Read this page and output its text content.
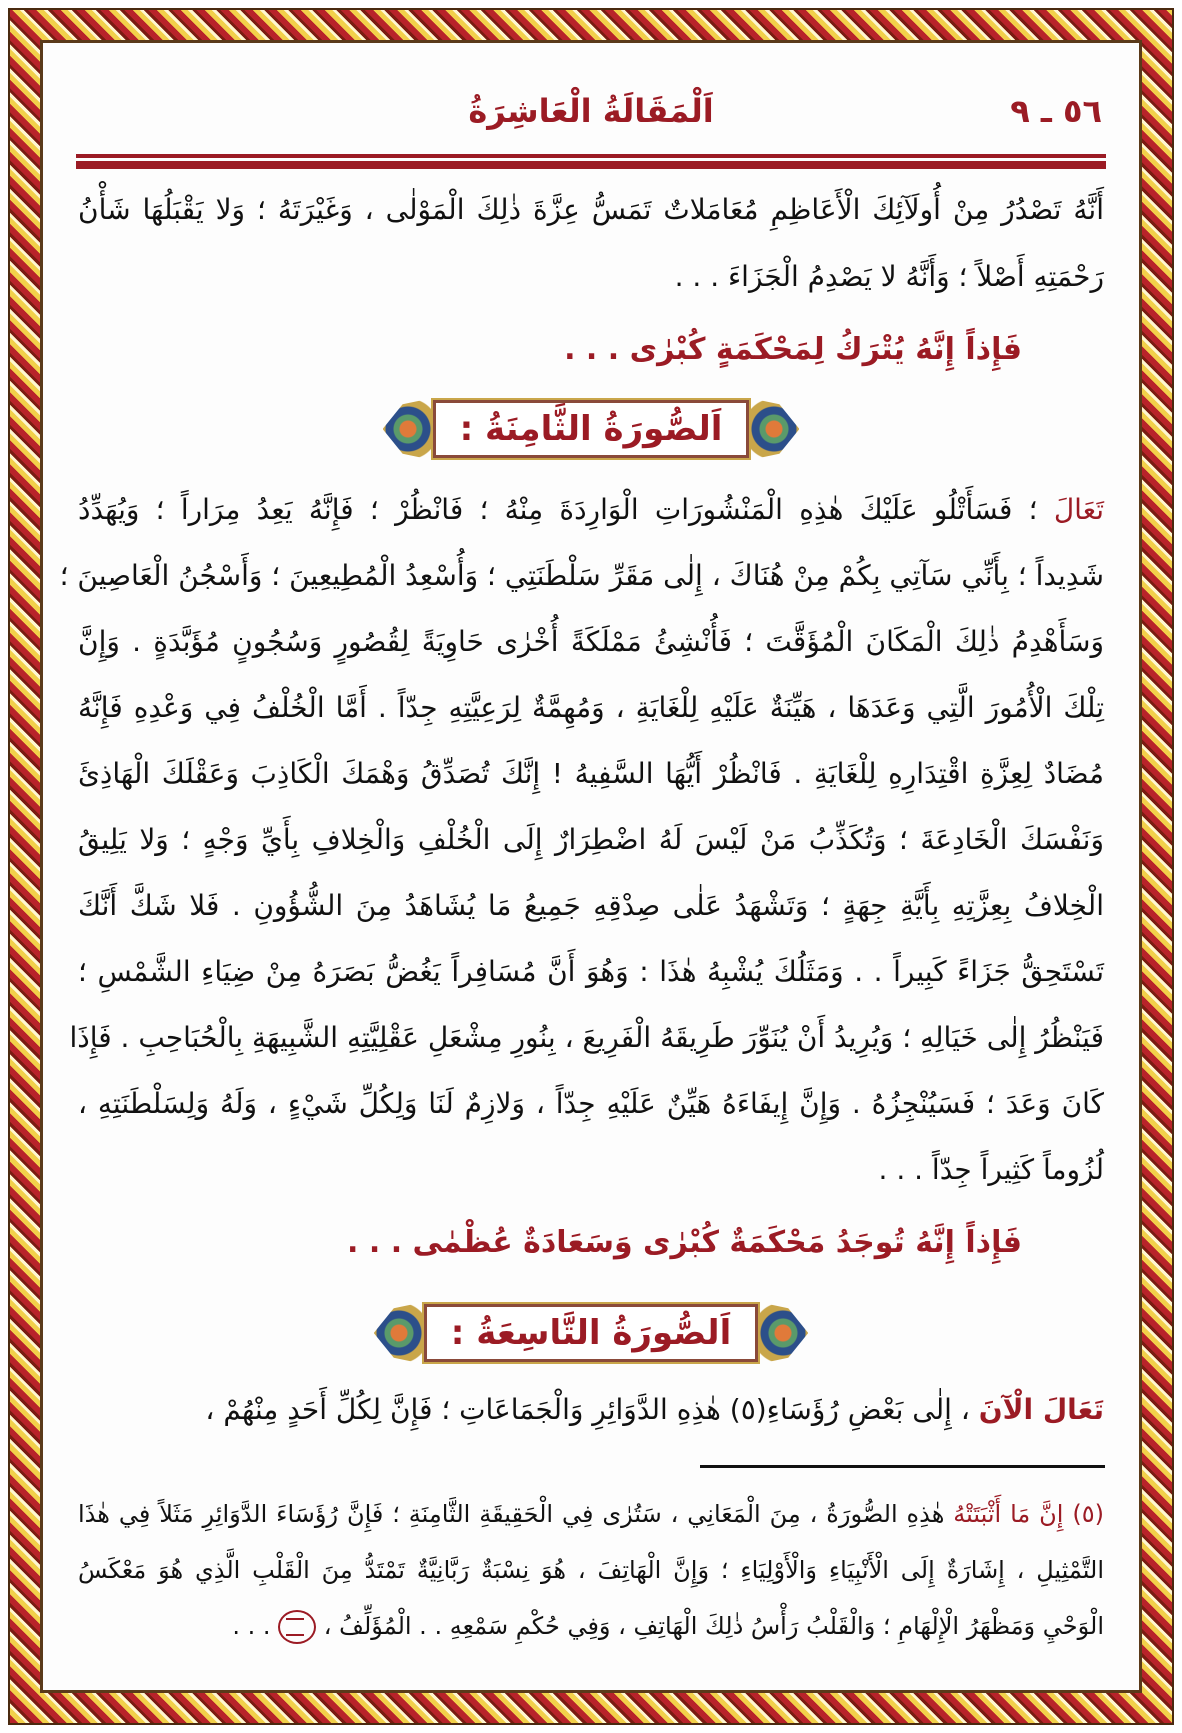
٥٦ ـ ٩
اَلْمَقَالَةُ الْعَاشِرَةُ
أَنَّهُ تَصْدُرُ مِنْ أُولَآئِكَ الْأَعَاظِمِ مُعَامَلاتٌ تَمَسُّ عِزَّةَ ذٰلِكَ الْمَوْلٰى ، وَغَيْرَتَهُ ؛ وَلا يَقْبَلُهَا شَأْنُ
رَحْمَتِهِ أَصْلاً ؛ وَأَنَّهُ لا يَصْدِمُ الْجَزَاءَ . . .
فَإِذاً إِنَّهُ يُتْرَكُ لِمَحْكَمَةٍ كُبْرٰى . . .
اَلصُّورَةُ الثَّامِنَةُ :
تَعَالَ ؛ فَسَأَتْلُو عَلَيْكَ هٰذِهِ الْمَنْشُورَاتِ الْوَارِدَةَ مِنْهُ ؛ فَانْظُرْ ؛ فَإِنَّهُ يَعِدُ مِرَاراً ؛ وَيُهَدِّدُ
شَدِيداً ؛ بِأَنِّي سَآتِي بِكُمْ مِنْ هُنَاكَ ، إِلٰى مَقَرِّ سَلْطَنَتِي ؛ وَأُسْعِدُ الْمُطِيعِينَ ؛ وَأَسْجُنُ الْعَاصِينَ ؛
وَسَأَهْدِمُ ذٰلِكَ الْمَكَانَ الْمُؤَقَّتَ ؛ فَأُنْشِئُ مَمْلَكَةً أُخْرٰى حَاوِيَةً لِقُصُورٍ وَسُجُونٍ مُؤَبَّدَةٍ . وَإِنَّ
تِلْكَ الْأُمُورَ الَّتِي وَعَدَهَا ، هَيِّنَةٌ عَلَيْهِ لِلْغَايَةِ ، وَمُهِمَّةٌ لِرَعِيَّتِهِ جِدّاً . أَمَّا الْخُلْفُ فِي وَعْدِهِ فَإِنَّهُ
مُضَادٌ لِعِزَّةِ اقْتِدَارِهِ لِلْغَايَةِ . فَانْظُرْ أَيُّهَا السَّفِيهُ ! إِنَّكَ تُصَدِّقُ وَهْمَكَ الْكَاذِبَ وَعَقْلَكَ الْهَاذِئَ
وَنَفْسَكَ الْخَادِعَةَ ؛ وَتُكَذِّبُ مَنْ لَيْسَ لَهُ اضْطِرَارٌ إِلَى الْخُلْفِ وَالْخِلافِ بِأَيِّ وَجْهٍ ؛ وَلا يَلِيقُ
الْخِلافُ بِعِزَّتِهِ بِأَيَّةِ جِهَةٍ ؛ وَتَشْهَدُ عَلٰى صِدْقِهِ جَمِيعُ مَا يُشَاهَدُ مِنَ الشُّؤُونِ . فَلا شَكَّ أَنَّكَ
تَسْتَحِقُّ جَزَاءً كَبِيراً . . وَمَثَلُكَ يُشْبِهُ هٰذَا : وَهُوَ أَنَّ مُسَافِراً يَغُضُّ بَصَرَهُ مِنْ ضِيَاءِ الشَّمْسِ ؛
فَيَنْظُرُ إِلٰى خَيَالِهِ ؛ وَيُرِيدُ أَنْ يُنَوِّرَ طَرِيقَهُ الْفَرِيعَ ، بِنُورِ مِشْعَلِ عَقْلِيَّتِهِ الشَّبِيهَةِ بِالْحُبَاحِبِ . فَإِذَا
كَانَ وَعَدَ ؛ فَسَيُنْجِزُهُ . وَإِنَّ إِيفَاءَهُ هَيِّنٌ عَلَيْهِ جِدّاً ، وَلازِمٌ لَنَا وَلِكُلِّ شَيْءٍ ، وَلَهُ وَلِسَلْطَنَتِهِ ،
لُزُوماً كَثِيراً جِدّاً . . .
فَإِذاً إِنَّهُ تُوجَدُ مَحْكَمَةٌ كُبْرٰى وَسَعَادَةٌ عُظْمٰى . . .
اَلصُّورَةُ التَّاسِعَةُ :
تَعَالَ الْآنَ ، إِلٰى بَعْضِ رُؤَسَاءِ(٥) هٰذِهِ الدَّوَائِرِ وَالْجَمَاعَاتِ ؛ فَإِنَّ لِكُلِّ أَحَدٍ مِنْهُمْ ،
(٥) إِنَّ مَا أَثْبَتَتْهُ هٰذِهِ الصُّورَةُ ، مِنَ الْمَعَانِي ، سَتُرٰى فِي الْحَقِيقَةِ الثَّامِنَةِ ؛ فَإِنَّ رُؤَسَاءَ الدَّوَائِرِ مَثَلاً فِي هٰذَا
التَّمْثِيلِ ، إِشَارَةٌ إِلَى الْأَنْبِيَاءِ وَالْأَوْلِيَاءِ ؛ وَإِنَّ الْهَاتِفَ ، هُوَ نِسْبَةٌ رَبَّانِيَّةٌ تَمْتَدُّ مِنَ الْقَلْبِ الَّذِي هُوَ مَعْكَسُ
الْوَحْيِ وَمَظْهَرُ الْإِلْهَامِ ؛ وَالْقَلْبُ رَأْسُ ذٰلِكَ الْهَاتِفِ ، وَفِي حُكْمِ سَمْعِهِ . . الْمُؤَلِّفُ ،  . . .
